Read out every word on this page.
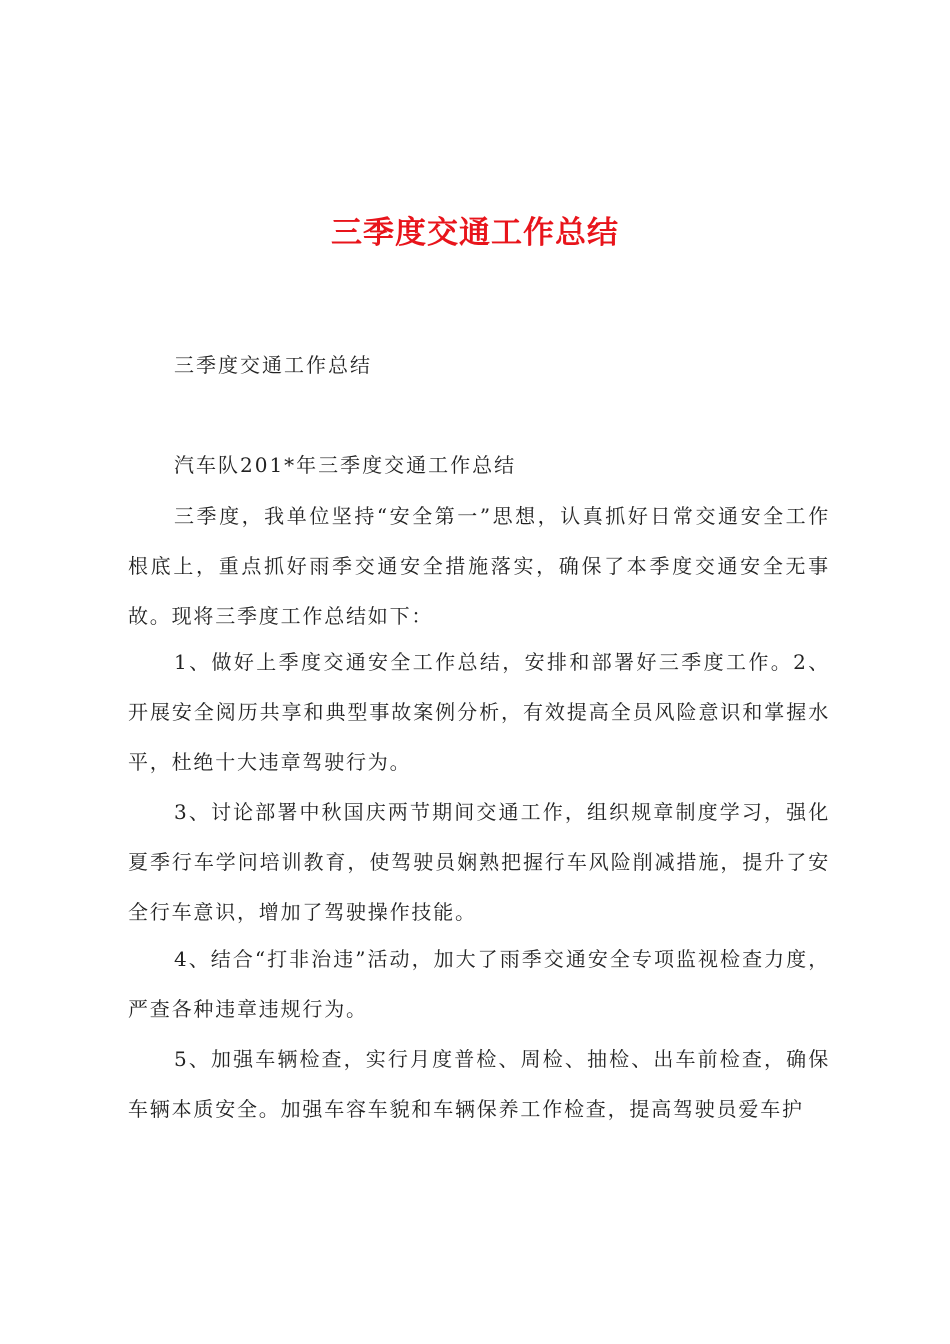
三季度交通工作总结
三季度交通工作总结
汽车队201*年三季度交通工作总结

三季度，我单位坚持“安全第一”思想，认真抓好日常交通安全工作根底上，重点抓好雨季交通安全措施落实，确保了本季度交通安全无事故。现将三季度工作总结如下：

1、做好上季度交通安全工作总结，安排和部署好三季度工作。2、开展安全阅历共享和典型事故案例分析，有效提高全员风险意识和掌握水平，杜绝十大违章驾驶行为。

3、讨论部署中秋国庆两节期间交通工作，组织规章制度学习，强化夏季行车学问培训教育，使驾驶员娴熟把握行车风险削减措施，提升了安全行车意识，增加了驾驶操作技能。

4、结合“打非治违”活动，加大了雨季交通安全专项监视检查力度，严查各种违章违规行为。

5、加强车辆检查，实行月度普检、周检、抽检、出车前检查，确保车辆本质安全。加强车容车貌和车辆保养工作检查，提高驾驶员爱车护
